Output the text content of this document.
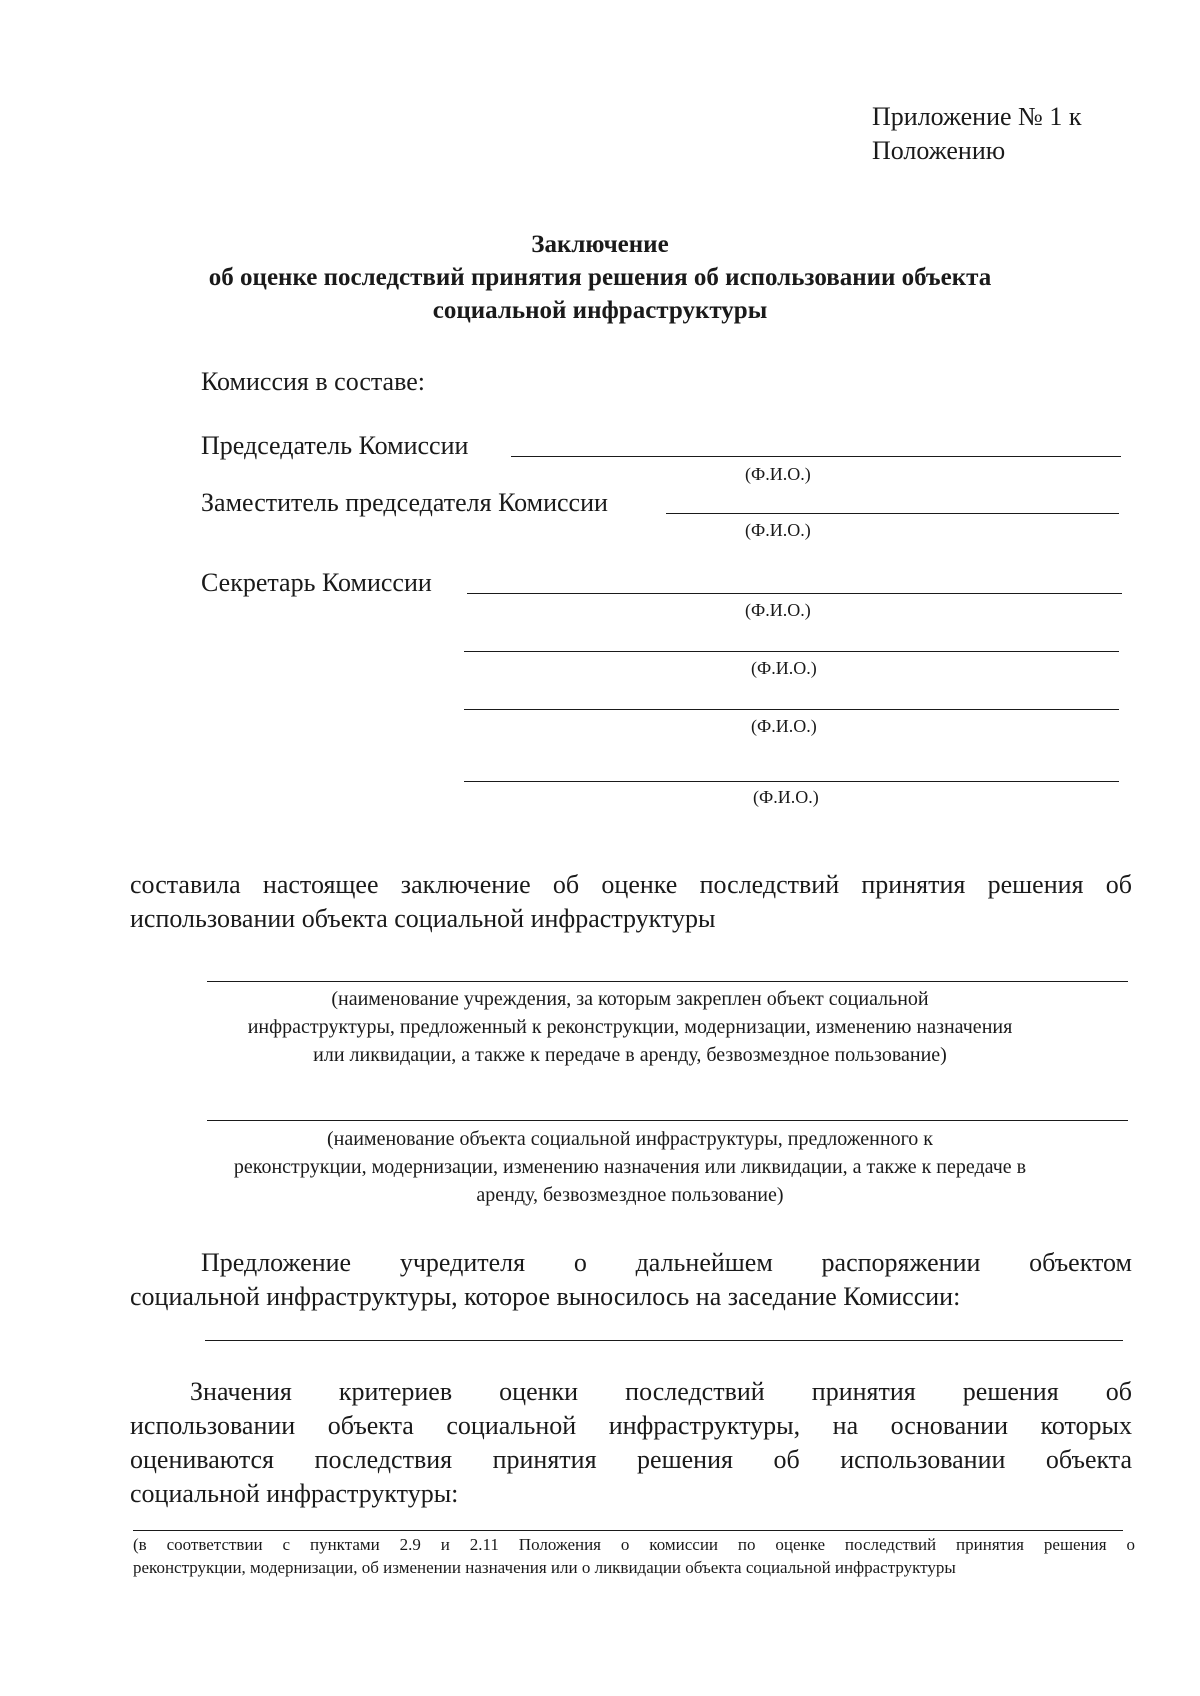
Приложение № 1 к
Положению
Заключение
об оценке последствий принятия решения об использовании объекта
социальной инфраструктуры
Комиссия в составе:
Председатель Комиссии
(Ф.И.О.)
Заместитель председателя Комиссии
(Ф.И.О.)
Секретарь Комиссии
(Ф.И.О.)
(Ф.И.О.)
(Ф.И.О.)
(Ф.И.О.)
составила настоящее заключение об оценке последствий принятия решения об
использовании объекта социальной инфраструктуры
(наименование учреждения, за которым закреплен объект социальной
инфраструктуры, предложенный к реконструкции, модернизации, изменению назначения
или ликвидации, а также к передаче в аренду, безвозмездное пользование)
(наименование объекта социальной инфраструктуры, предложенного к
реконструкции, модернизации, изменению назначения или ликвидации, а также к передаче в
аренду, безвозмездное пользование)
Предложение учредителя о дальнейшем распоряжении объектом
социальной инфраструктуры, которое выносилось на заседание Комиссии:
Значения критериев оценки последствий принятия решения об
использовании объекта социальной инфраструктуры, на основании которых
оцениваются последствия принятия решения об использовании объекта
социальной инфраструктуры:
(в соответствии с пунктами 2.9 и 2.11 Положения о комиссии по оценке последствий принятия решения о
реконструкции, модернизации, об изменении назначения или о ликвидации объекта социальной инфраструктуры
